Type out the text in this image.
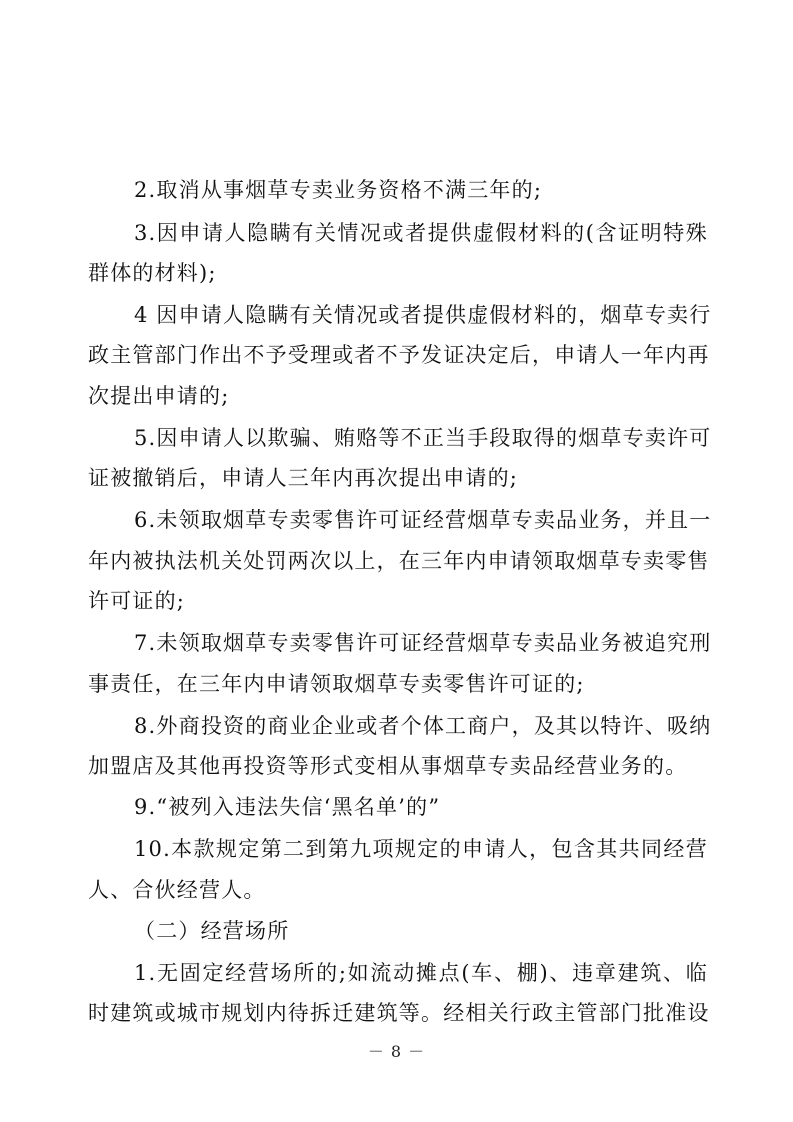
2.取消从事烟草专卖业务资格不满三年的;
3.因申请人隐瞒有关情况或者提供虚假材料的(含证明特殊
群体的材料);
4 因申请人隐瞒有关情况或者提供虚假材料的，烟草专卖行
政主管部门作出不予受理或者不予发证决定后，申请人一年内再
次提出申请的;
5.因申请人以欺骗、贿赂等不正当手段取得的烟草专卖许可
证被撤销后，申请人三年内再次提出申请的;
6.未领取烟草专卖零售许可证经营烟草专卖品业务，并且一
年内被执法机关处罚两次以上，在三年内申请领取烟草专卖零售
许可证的;
7.未领取烟草专卖零售许可证经营烟草专卖品业务被追究刑
事责任，在三年内申请领取烟草专卖零售许可证的;
8.外商投资的商业企业或者个体工商户，及其以特许、吸纳
加盟店及其他再投资等形式变相从事烟草专卖品经营业务的。
9.“被列入违法失信‘黑名单’的”
10.本款规定第二到第九项规定的申请人，包含其共同经营
人、合伙经营人。
（二）经营场所
1.无固定经营场所的;如流动摊点(车、棚)、违章建筑、临
时建筑或城市规划内待拆迁建筑等。经相关行政主管部门批准设
－ 8 －
